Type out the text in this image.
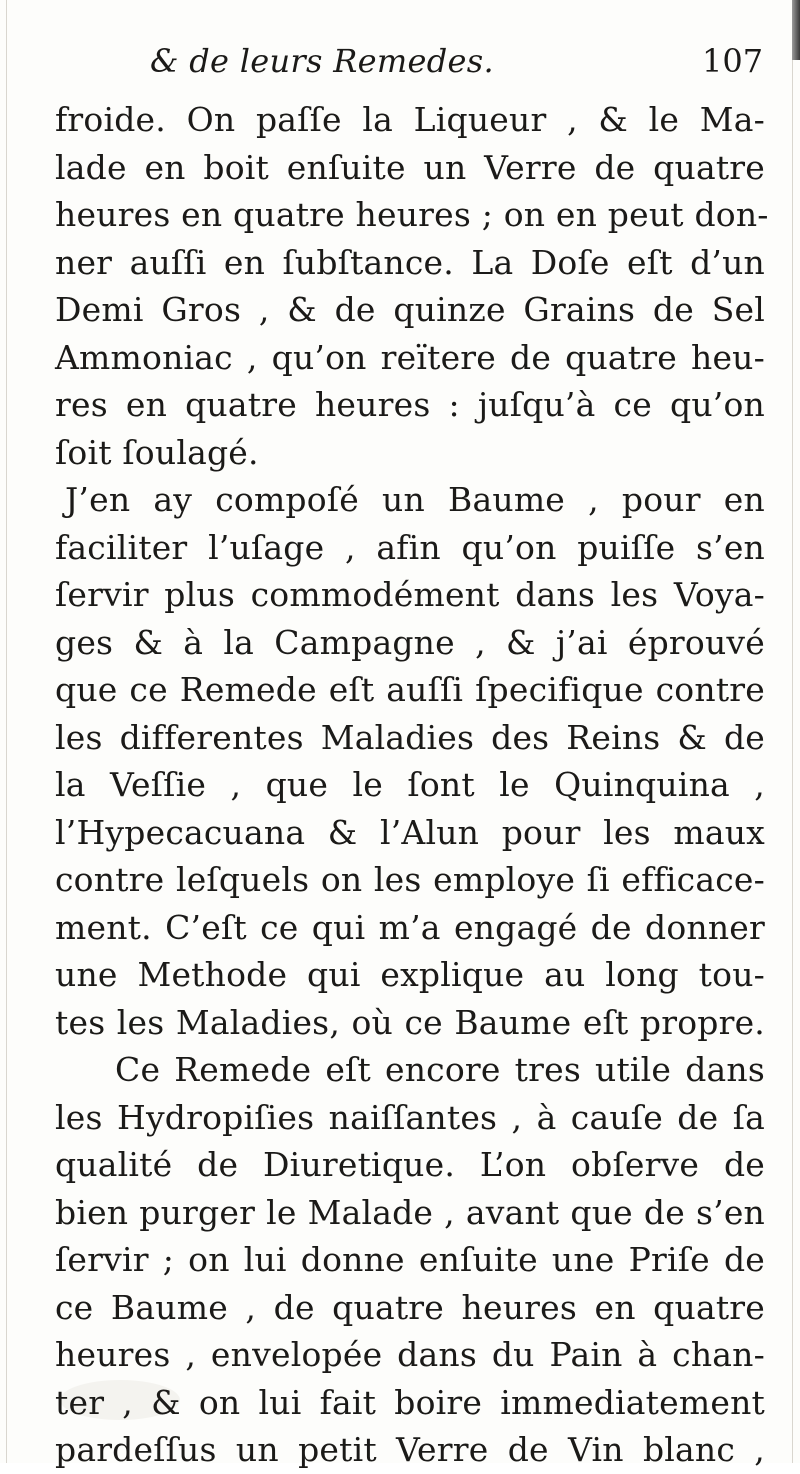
& de leurs Remedes.	107
froide. On paſſe la Liqueur , & le Ma-
lade en boit enſuite un Verre de quatre
heures en quatre heures ; on en peut don-
ner auſſi en ſubſtance. La Doſe eſt d’un
Demi Gros , & de quinze Grains de Sel
Ammoniac , qu’on reïtere de quatre heu-
res en quatre heures : juſqu’à ce qu’on
ſoit ſoulagé.
J’en ay compoſé un Baume , pour en
faciliter l’uſage , afin qu’on puiſſe s’en
ſervir plus commodément dans les Voya-
ges & à la Campagne , & j’ai éprouvé
que ce Remede eſt auſſi ſpecifique contre
les differentes Maladies des Reins & de
la Veſſie , que le ſont le Quinquina ,
l’Hypecacuana & l’Alun pour les maux
contre leſquels on les employe ſi efficace-
ment. C’eſt ce qui m’a engagé de donner
une Methode qui explique au long tou-
tes les Maladies, où ce Baume eſt propre.
Ce Remede eſt encore tres utile dans
les Hydropiſies naiſſantes , à cauſe de ſa
qualité de Diuretique. L’on obſerve de
bien purger le Malade , avant que de s’en
ſervir ; on lui donne enſuite une Priſe de
ce Baume , de quatre heures en quatre
heures , envelopée dans du Pain à chan-
ter , & on lui fait boire immediatement
pardeſſus un petit Verre de Vin blanc ,
